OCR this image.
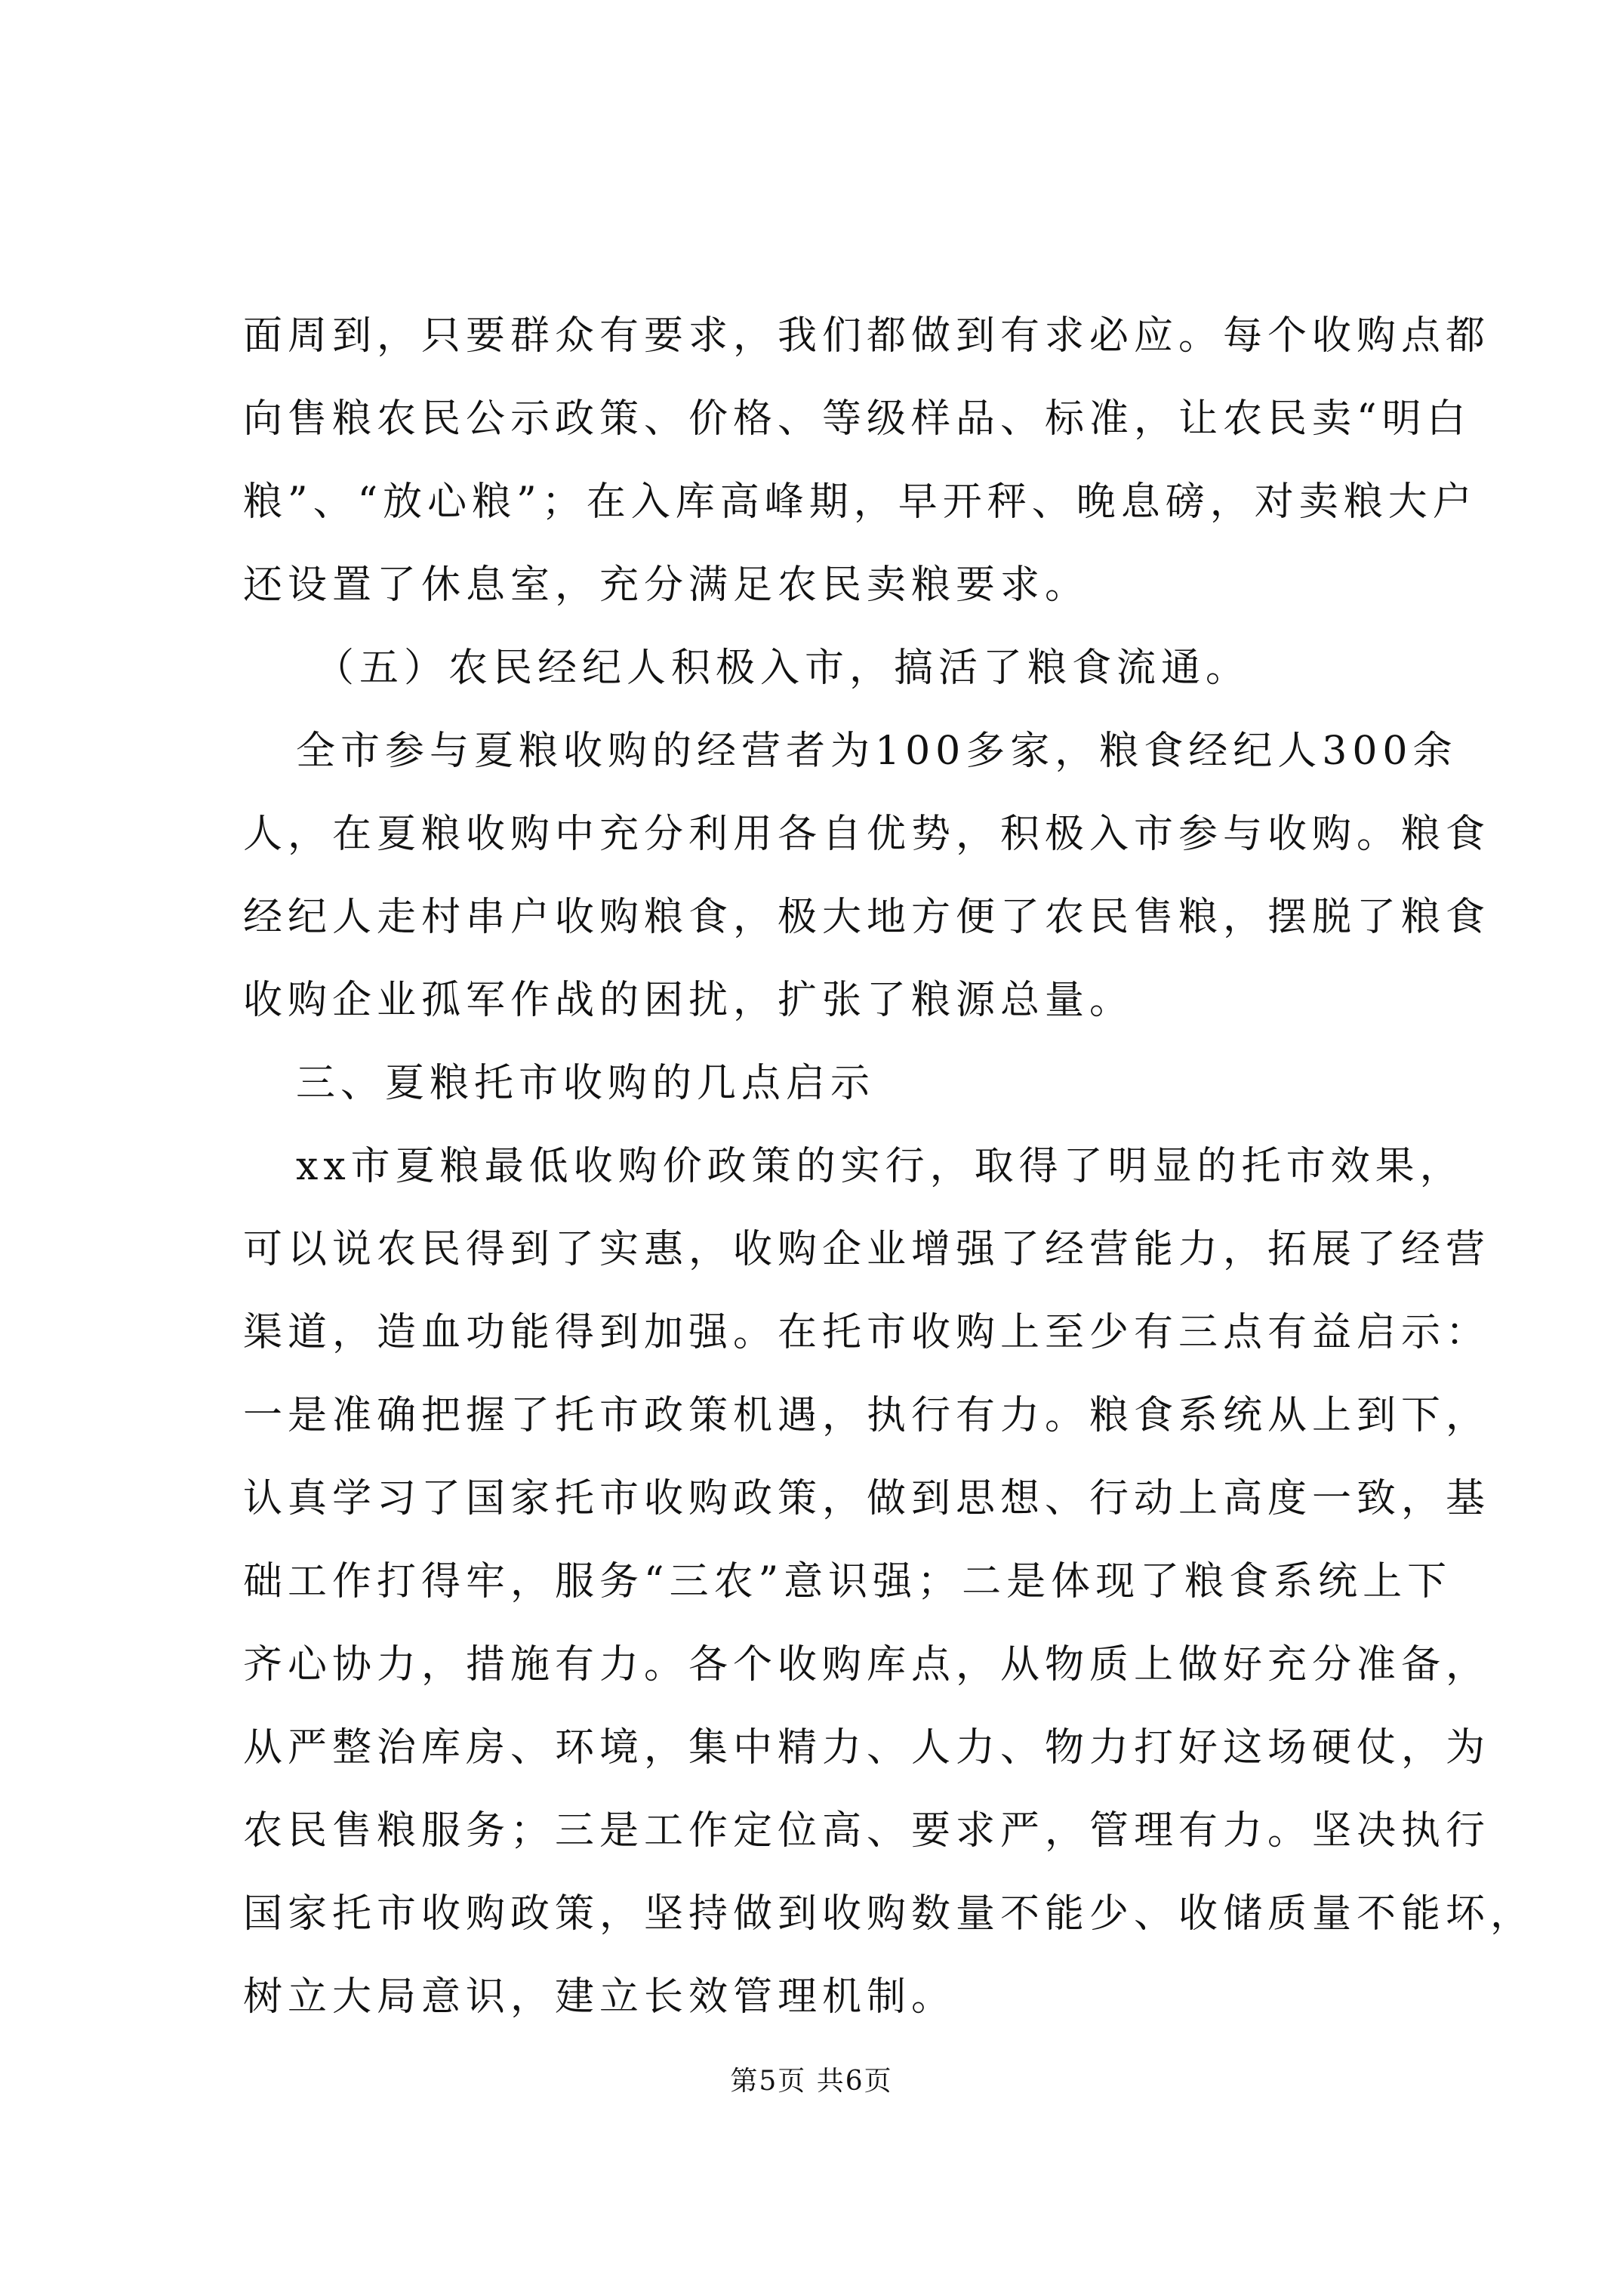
面周到，只要群众有要求，我们都做到有求必应。每个收购点都
向售粮农民公示政策、价格、等级样品、标准，让农民卖“明白
粮”、“放心粮”；在入库高峰期，早开秤、晚息磅，对卖粮大户
还设置了休息室，充分满足农民卖粮要求。
（五）农民经纪人积极入市，搞活了粮食流通。
全市参与夏粮收购的经营者为100多家，粮食经纪人300余
人，在夏粮收购中充分利用各自优势，积极入市参与收购。粮食
经纪人走村串户收购粮食，极大地方便了农民售粮，摆脱了粮食
收购企业孤军作战的困扰，扩张了粮源总量。
三、夏粮托市收购的几点启示
xx市夏粮最低收购价政策的实行，取得了明显的托市效果，
可以说农民得到了实惠，收购企业增强了经营能力，拓展了经营
渠道，造血功能得到加强。在托市收购上至少有三点有益启示：
一是准确把握了托市政策机遇，执行有力。粮食系统从上到下，
认真学习了国家托市收购政策，做到思想、行动上高度一致，基
础工作打得牢，服务“三农”意识强；二是体现了粮食系统上下
齐心协力，措施有力。各个收购库点，从物质上做好充分准备，
从严整治库房、环境，集中精力、人力、物力打好这场硬仗，为
农民售粮服务；三是工作定位高、要求严，管理有力。坚决执行
国家托市收购政策，坚持做到收购数量不能少、收储质量不能坏，
树立大局意识，建立长效管理机制。
第5页 共6页
